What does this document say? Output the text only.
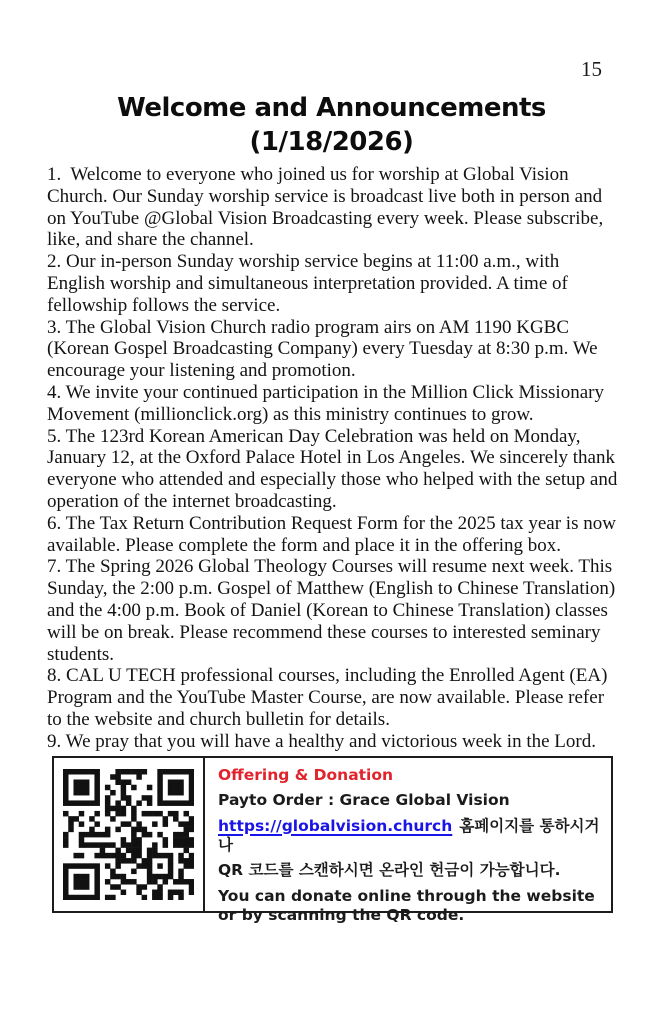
15
Welcome and Announcements
(1/18/2026)

1.  Welcome to everyone who joined us for worship at Global Vision Church. Our Sunday worship service is broadcast live both in person and on YouTube @Global Vision Broadcasting every week. Please subscribe, like, and share the channel.

2. Our in-person Sunday worship service begins at 11:00 a.m., with English worship and simultaneous interpretation provided. A time of fellowship follows the service.

3. The Global Vision Church radio program airs on AM 1190 KGBC (Korean Gospel Broadcasting Company) every Tuesday at 8:30 p.m. We encourage your listening and promotion.

4. We invite your continued participation in the Million Click Missionary Movement (millionclick.org) as this ministry continues to grow.

5. The 123rd Korean American Day Celebration was held on Monday, January 12, at the Oxford Palace Hotel in Los Angeles. We sincerely thank everyone who attended and especially those who helped with the setup and operation of the internet broadcasting.

6. The Tax Return Contribution Request Form for the 2025 tax year is now available. Please complete the form and place it in the offering box.

7. The Spring 2026 Global Theology Courses will resume next week. This Sunday, the 2:00 p.m. Gospel of Matthew (English to Chinese Translation) and the 4:00 p.m. Book of Daniel (Korean to Chinese Translation) classes will be on break. Please recommend these courses to interested seminary students.

8. CAL U TECH professional courses, including the Enrolled Agent (EA) Program and the YouTube Master Course, are now available. Please refer to the website and church bulletin for details.

9. We pray that you will have a healthy and victorious week in the Lord.

Offering & Donation
Payto Order : Grace Global Vision
https://globalvision.church 홈페이지를 통하시거나
QR 코드를 스캔하시면 온라인 헌금이 가능합니다.
You can donate online through the website or by scanning the QR code.
